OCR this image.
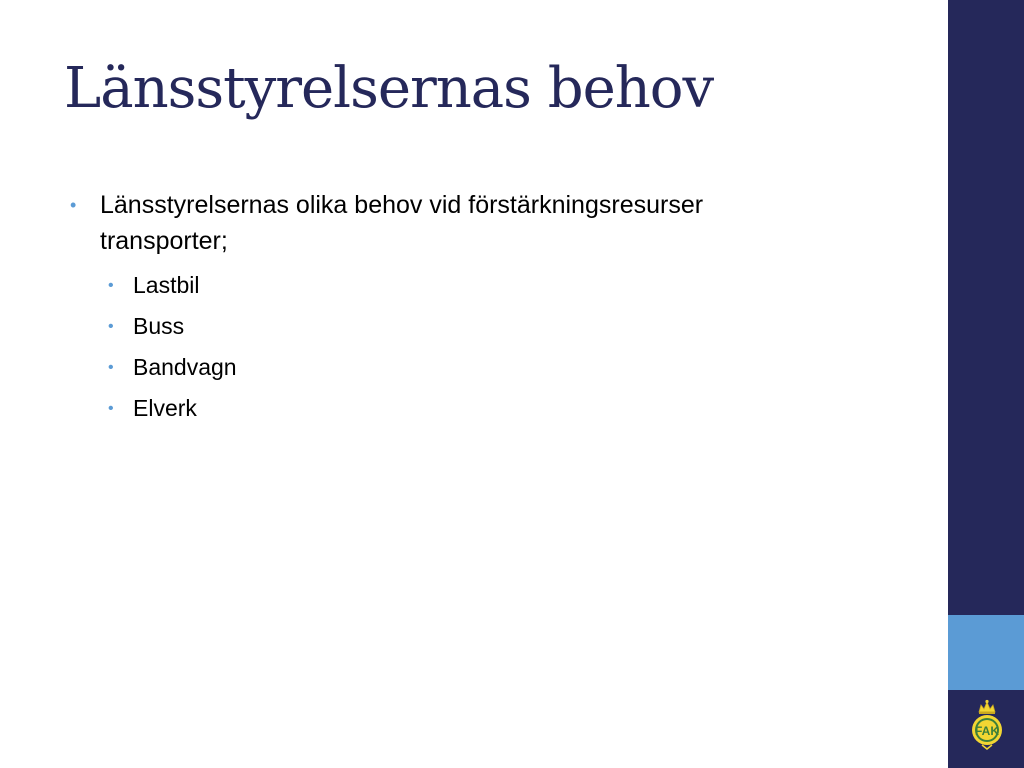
Länsstyrelsernas behov
• Länsstyrelsernas olika behov vid förstärkningsresurser transporter;
• Lastbil
• Buss
• Bandvagn
• Elverk
FAK
